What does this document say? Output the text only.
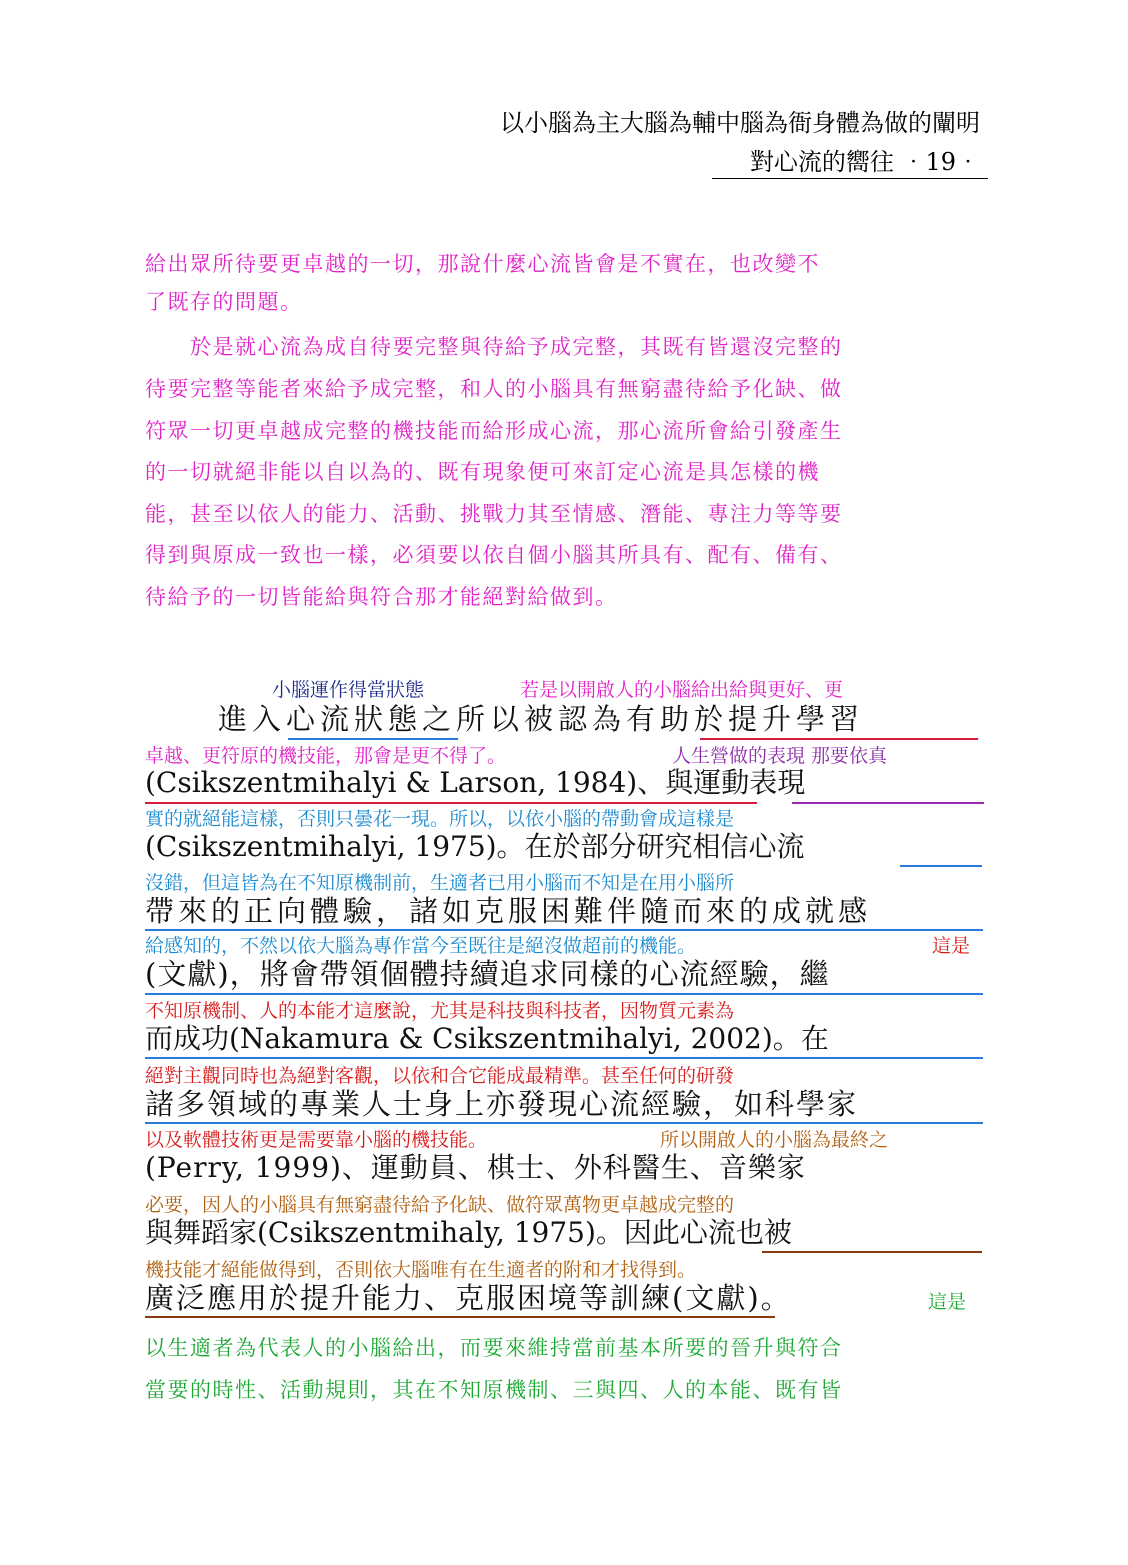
以小腦為主大腦為輔中腦為衙身體為做的闡明
對心流的嚮往 ‧19‧
給出眾所待要更卓越的一切，那說什麼心流皆會是不實在，也改變不
了既存的問題。
　　於是就心流為成自待要完整與待給予成完整，其既有皆還沒完整的
待要完整等能者來給予成完整，和人的小腦具有無窮盡待給予化缺、做
符眾一切更卓越成完整的機技能而給形成心流，那心流所會給引發產生
的一切就絕非能以自以為的、既有現象便可來訂定心流是具怎樣的機
能，甚至以依人的能力、活動、挑戰力其至情感、潛能、專注力等等要
得到與原成一致也一樣，必須要以依自個小腦其所具有、配有、備有、
待給予的一切皆能給與符合那才能絕對給做到。
小腦運作得當狀態	若是以開啟人的小腦給出給與更好、更
進入心流狀態之所以被認為有助於提升學習
卓越、更符原的機技能，那會是更不得了。	人生營做的表現 那要依真
(Csikszentmihalyi & Larson, 1984)、與運動表現
實的就絕能這樣，否則只曇花一現。所以，以依小腦的帶動會成這樣是
(Csikszentmihalyi, 1975)。在於部分研究相信心流
沒錯，但這皆為在不知原機制前，生適者已用小腦而不知是在用小腦所
帶來的正向體驗，諸如克服困難伴隨而來的成就感
給感知的，不然以依大腦為專作當今至既往是絕沒做超前的機能。	這是
(文獻)，將會帶領個體持續追求同樣的心流經驗，繼
不知原機制、人的本能才這麼說，尤其是科技與科技者，因物質元素為
而成功(Nakamura & Csikszentmihalyi, 2002)。在
絕對主觀同時也為絕對客觀，以依和合它能成最精準。甚至任何的研發
諸多領域的專業人士身上亦發現心流經驗，如科學家
以及軟體技術更是需要靠小腦的機技能。	所以開啟人的小腦為最終之
(Perry, 1999)、運動員、棋士、外科醫生、音樂家
必要，因人的小腦具有無窮盡待給予化缺、做符眾萬物更卓越成完整的
與舞蹈家(Csikszentmihaly, 1975)。因此心流也被
機技能才絕能做得到，否則依大腦唯有在生適者的附和才找得到。
廣泛應用於提升能力、克服困境等訓練(文獻)。	這是
以生適者為代表人的小腦給出，而要來維持當前基本所要的晉升與符合
當要的時性、活動規則，其在不知原機制、三與四、人的本能、既有皆
